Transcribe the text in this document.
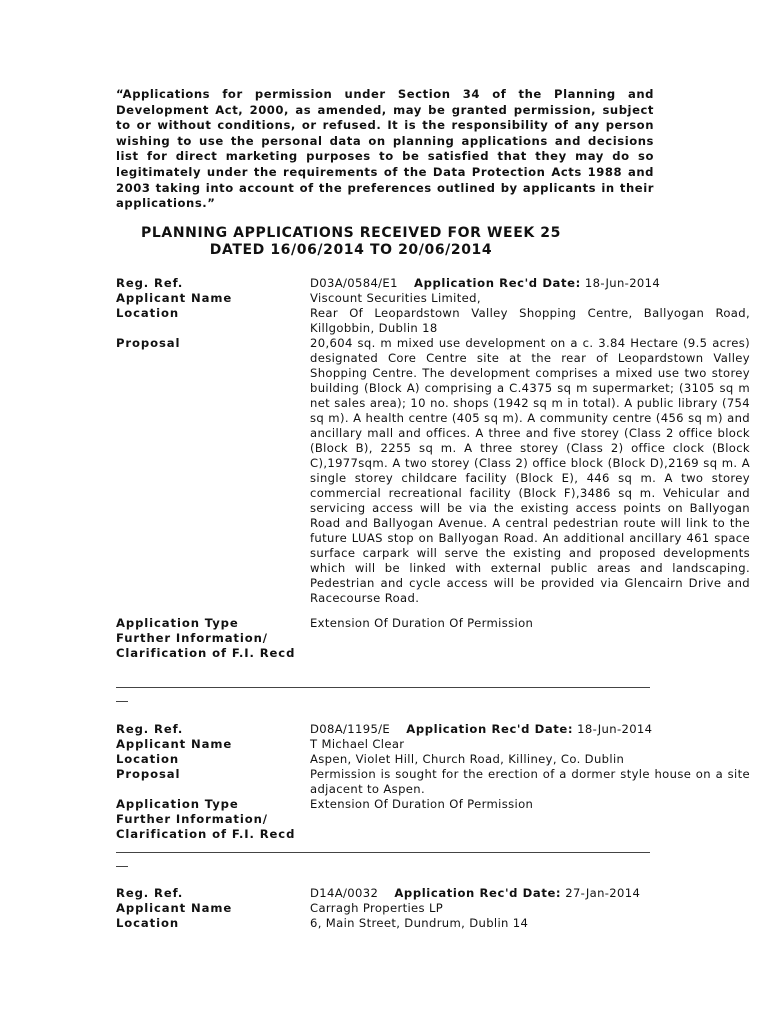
“Applications for permission under Section 34 of the Planning and Development Act, 2000, as amended, may be granted permission, subject to or without conditions, or refused. It is the responsibility of any person wishing to use the personal data on planning applications and decisions list for direct marketing purposes to be satisfied that they may do so legitimately under the requirements of the Data Protection Acts 1988 and 2003 taking into account of the preferences outlined by applicants in their applications.”
PLANNING APPLICATIONS RECEIVED FOR WEEK 25
DATED 16/06/2014 TO 20/06/2014
Reg. Ref.	D03A/0584/E1 Application Rec'd Date: 18-Jun-2014
Applicant Name	Viscount Securities Limited,
Location	Rear Of Leopardstown Valley Shopping Centre, Ballyogan Road, Killgobbin, Dublin 18
Proposal	20,604 sq. m mixed use development on a c. 3.84 Hectare (9.5 acres) designated Core Centre site at the rear of Leopardstown Valley Shopping Centre. The development comprises a mixed use two storey building (Block A) comprising a C.4375 sq m supermarket; (3105 sq m net sales area); 10 no. shops (1942 sq m in total). A public library (754 sq m). A health centre (405 sq m). A community centre (456 sq m) and ancillary mall and offices. A three and five storey (Class 2 office block (Block B), 2255 sq m. A three storey (Class 2) office clock (Block C),1977sqm. A two storey (Class 2) office block (Block D),2169 sq m. A single storey childcare facility (Block E), 446 sq m. A two storey commercial recreational facility (Block F),3486 sq m. Vehicular and servicing access will be via the existing access points on Ballyogan Road and Ballyogan Avenue. A central pedestrian route will link to the future LUAS stop on Ballyogan Road. An additional ancillary 461 space surface carpark will serve the existing and proposed developments which will be linked with external public areas and landscaping. Pedestrian and cycle access will be provided via Glencairn Drive and Racecourse Road.
Application Type	Extension Of Duration Of Permission
Further Information/
Clarification of F.I. Recd
Reg. Ref.	D08A/1195/E Application Rec'd Date: 18-Jun-2014
Applicant Name	T Michael Clear
Location	Aspen, Violet Hill, Church Road, Killiney, Co. Dublin
Proposal	Permission is sought for the erection of a dormer style house on a site adjacent to Aspen.
Application Type	Extension Of Duration Of Permission
Further Information/
Clarification of F.I. Recd
Reg. Ref.	D14A/0032 Application Rec'd Date: 27-Jan-2014
Applicant Name	Carragh Properties LP
Location	6, Main Street, Dundrum, Dublin 14
